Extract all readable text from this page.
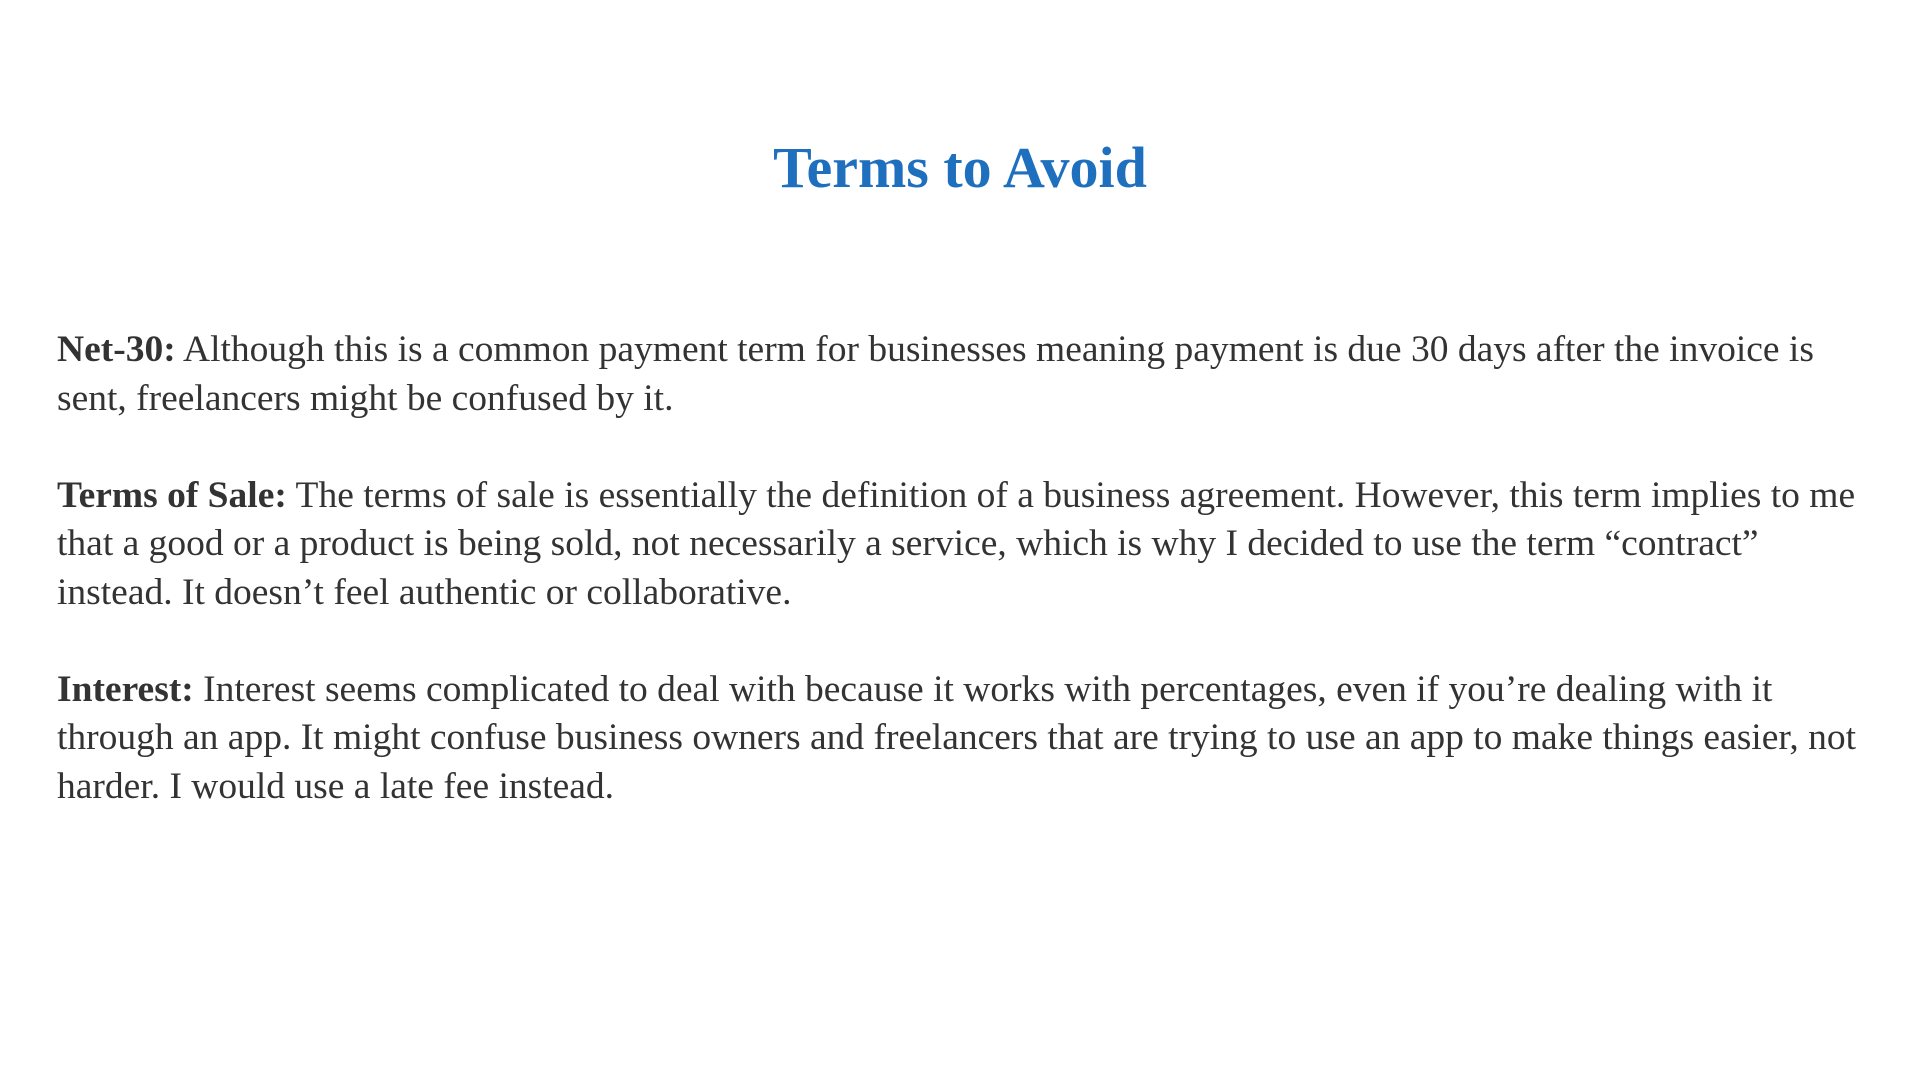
Terms to Avoid

Net-30: Although this is a common payment term for businesses meaning payment is due 30 days after the invoice is sent, freelancers might be confused by it.

Terms of Sale: The terms of sale is essentially the definition of a business agreement. However, this term implies to me that a good or a product is being sold, not necessarily a service, which is why I decided to use the term “contract” instead. It doesn’t feel authentic or collaborative.

Interest: Interest seems complicated to deal with because it works with percentages, even if you’re dealing with it through an app. It might confuse business owners and freelancers that are trying to use an app to make things easier, not harder. I would use a late fee instead.
